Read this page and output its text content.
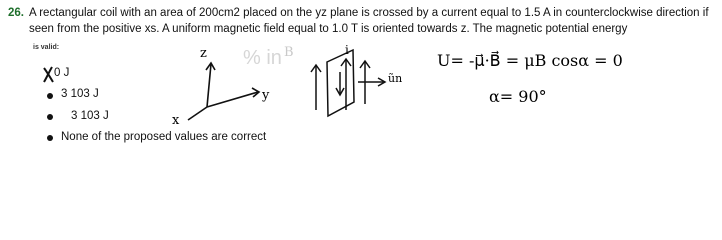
26. A rectangular coil with an area of 200cm2 placed on the yz plane is crossed by a current equal to 1.5 A in counterclockwise direction if
seen from the positive xs. A uniform magnetic field equal to 1.0 T is oriented towards z. The magnetic potential energy
is valid:
0 J
3 103 J
3 103 J
None of the proposed values are correct
z
y
x
% in B	i
ũn
U= -μ⃗·B⃗ = μB cosα = 0
α= 90°
